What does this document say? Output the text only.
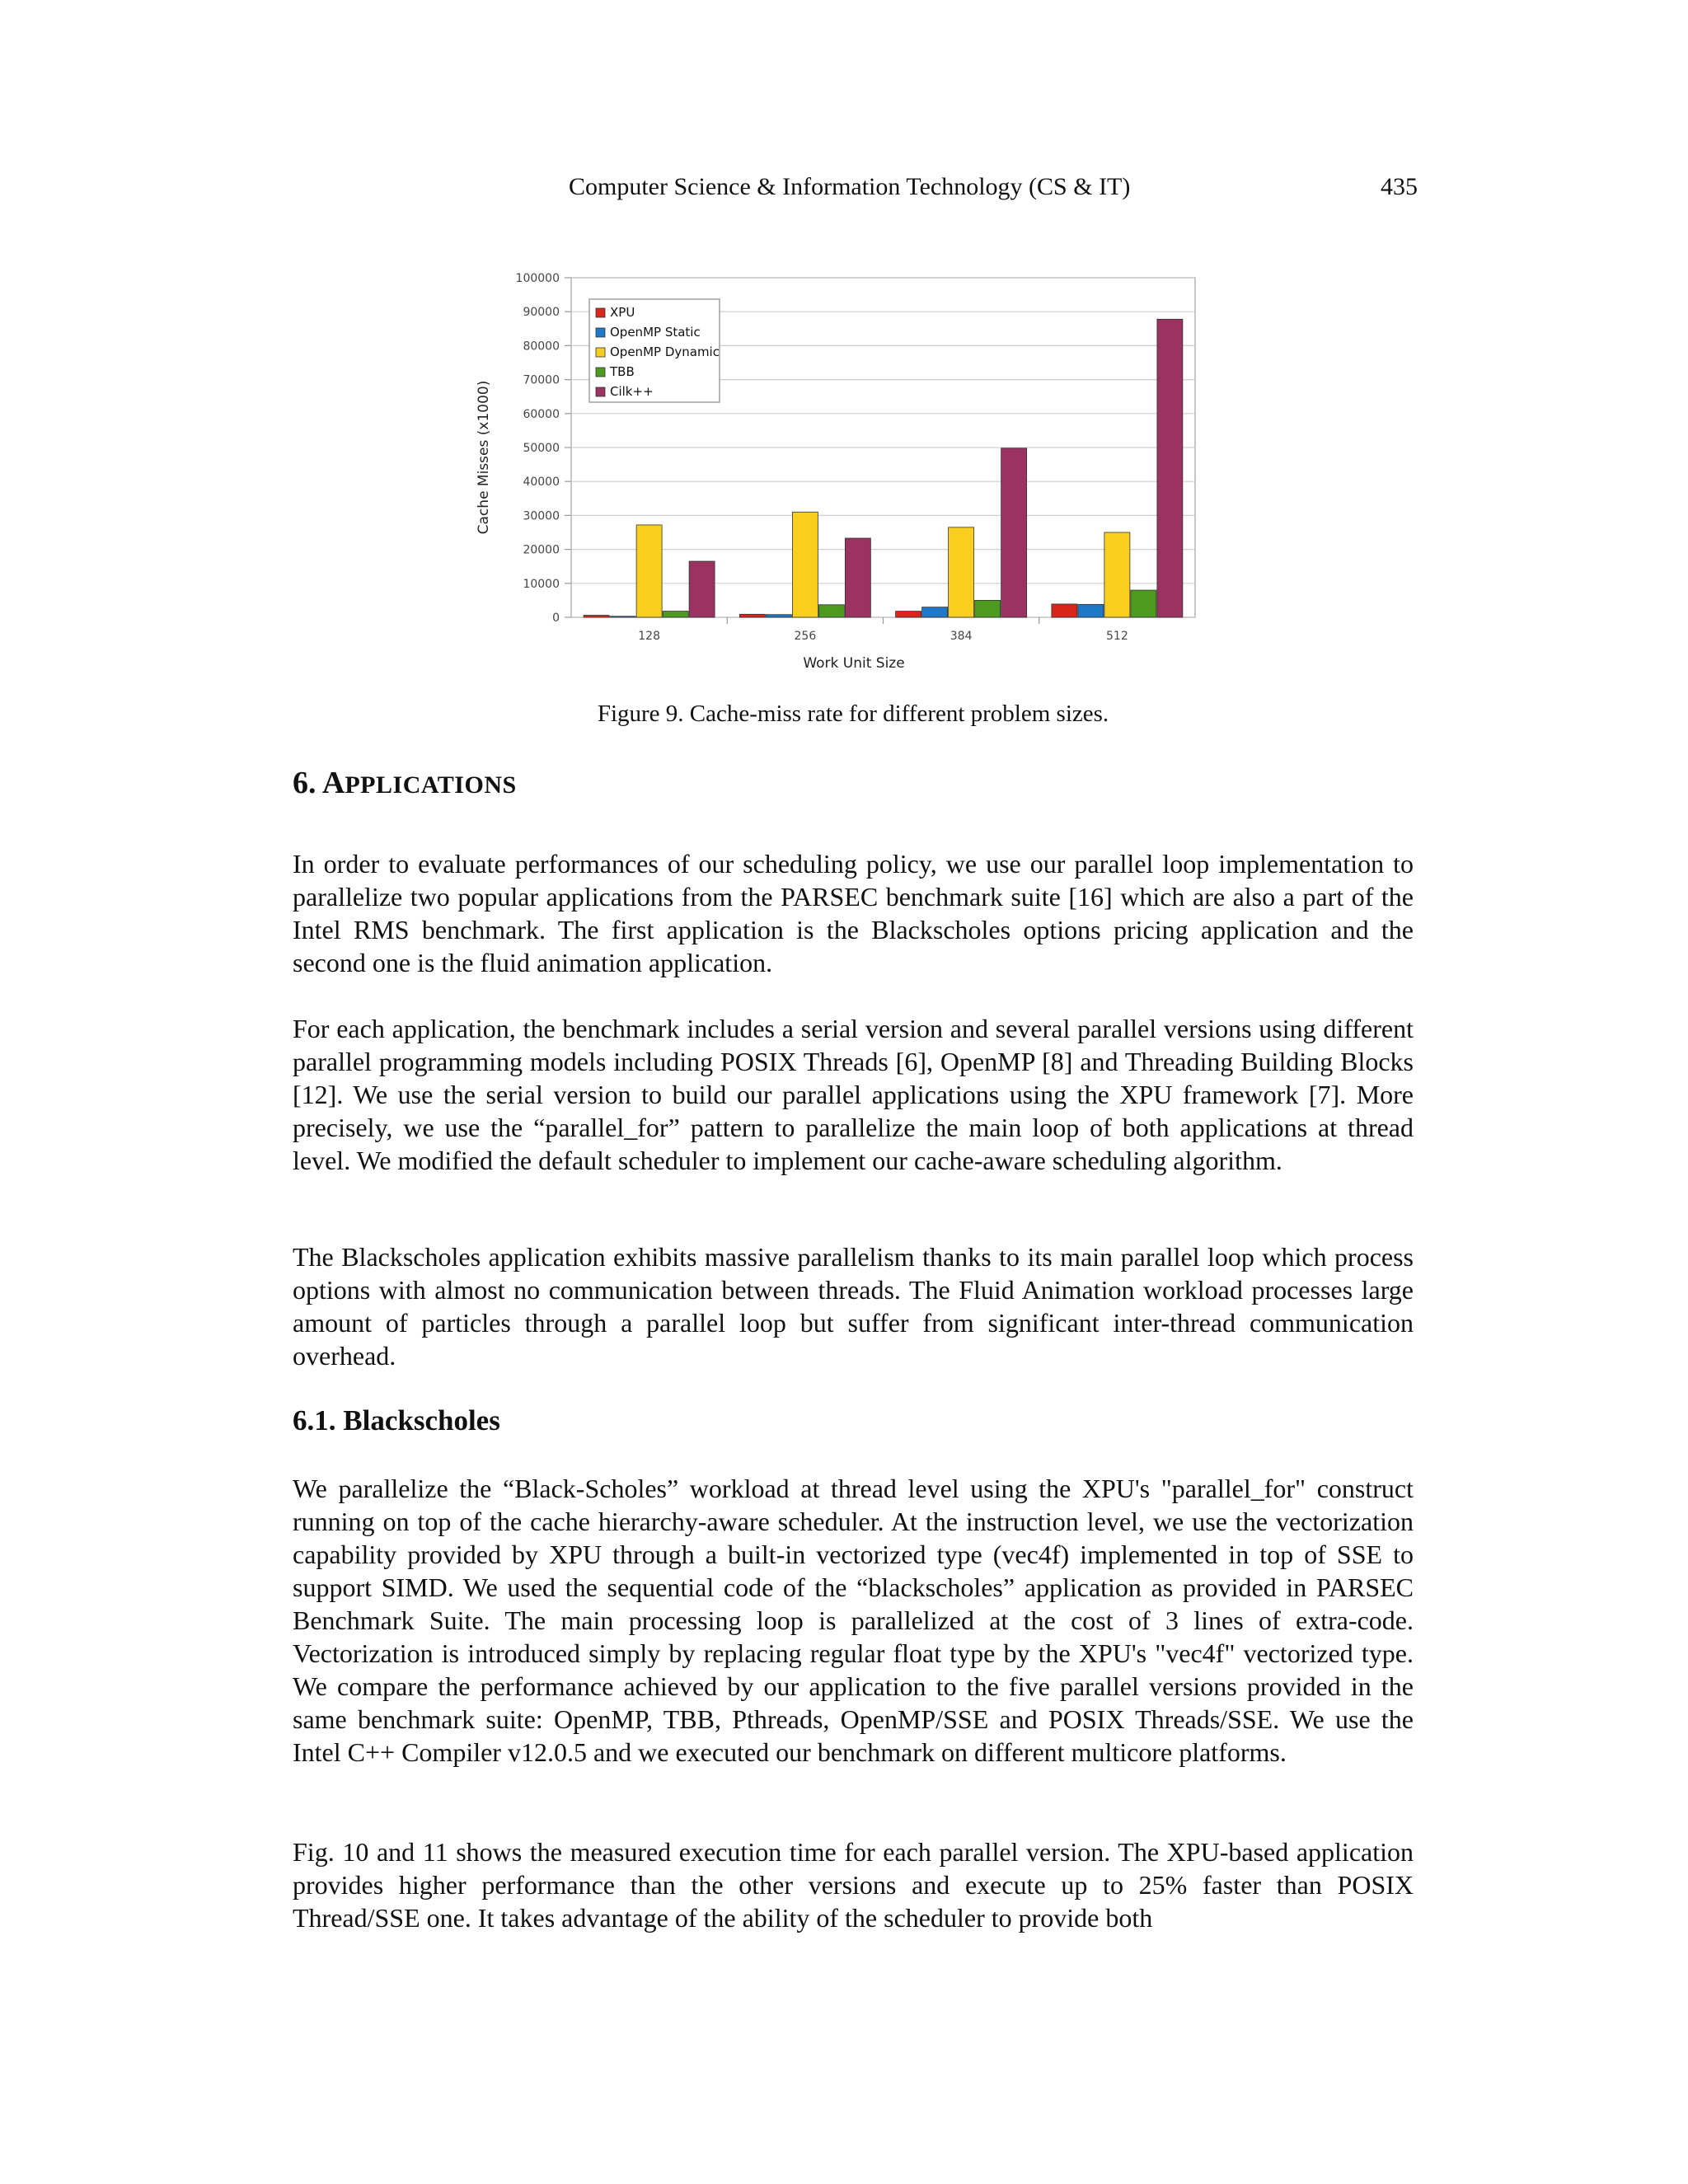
Computer Science & Information Technology (CS & IT)	435
100000
90000
80000
70000
60000
50000
40000
30000
20000
10000
0
128	256	384	512
Cache Misses (x1000)
Work Unit Size
XPU
OpenMP Static
OpenMP Dynamic
TBB
Cilk++
Figure 9. Cache-miss rate for different problem sizes.
6. APPLICATIONS

In order to evaluate performances of our scheduling policy, we use our parallel loop implementation to parallelize two popular applications from the PARSEC benchmark suite [16] which are also a part of the Intel RMS benchmark. The first application is the Blackscholes options pricing application and the second one is the fluid animation application.

For each application, the benchmark includes a serial version and several parallel versions using different parallel programming models including POSIX Threads [6], OpenMP [8] and Threading Building Blocks [12]. We use the serial version to build our parallel applications using the XPU framework [7]. More precisely, we use the “parallel_for” pattern to parallelize the main loop of both applications at thread level. We modified the default scheduler to implement our cache-aware scheduling algorithm.

The Blackscholes application exhibits massive parallelism thanks to its main parallel loop which process options with almost no communication between threads. The Fluid Animation workload processes large amount of particles through a parallel loop but suffer from significant inter-thread communication overhead.

6.1. Blackscholes

We parallelize the “Black-Scholes” workload at thread level using the XPU's "parallel_for" construct running on top of the cache hierarchy-aware scheduler. At the instruction level, we use the vectorization capability provided by XPU through a built-in vectorized type (vec4f) implemented in top of SSE to support SIMD. We used the sequential code of the “blackscholes” application as provided in PARSEC Benchmark Suite. The main processing loop is parallelized at the cost of 3 lines of extra-code. Vectorization is introduced simply by replacing regular float type by the XPU's "vec4f" vectorized type. We compare the performance achieved by our application to the five parallel versions provided in the same benchmark suite: OpenMP, TBB, Pthreads, OpenMP/SSE and POSIX Threads/SSE. We use the Intel C++ Compiler v12.0.5 and we executed our benchmark on different multicore platforms.

Fig. 10 and 11 shows the measured execution time for each parallel version. The XPU-based application provides higher performance than the other versions and execute up to 25% faster than POSIX Thread/SSE one. It takes advantage of the ability of the scheduler to provide both
